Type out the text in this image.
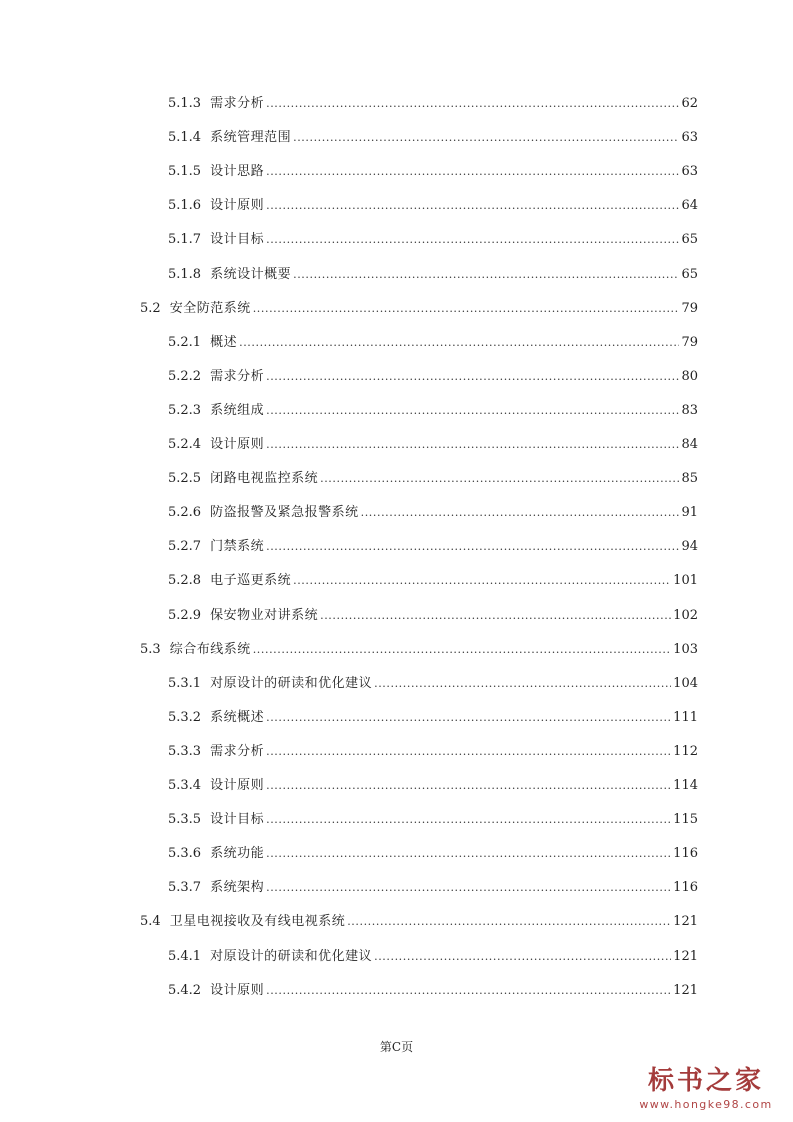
5.1.3 需求分析 .....	62
5.1.4 系统管理范围 .....	63
5.1.5 设计思路 .....	63
5.1.6 设计原则 .....	64
5.1.7 设计目标 .....	65
5.1.8 系统设计概要 .....	65
5.2 安全防范系统 .....	79
5.2.1 概述 .....	79
5.2.2 需求分析 .....	80
5.2.3 系统组成 .....	83
5.2.4 设计原则 .....	84
5.2.5 闭路电视监控系统 .....	85
5.2.6 防盗报警及紧急报警系统 .....	91
5.2.7 门禁系统 .....	94
5.2.8 电子巡更系统 .....	101
5.2.9 保安物业对讲系统 .....	102
5.3 综合布线系统 .....	103
5.3.1 对原设计的研读和优化建议 .....	104
5.3.2 系统概述 .....	111
5.3.3 需求分析 .....	112
5.3.4 设计原则 .....	114
5.3.5 设计目标 .....	115
5.3.6 系统功能 .....	116
5.3.7 系统架构 .....	116
5.4 卫星电视接收及有线电视系统 .....	121
5.4.1 对原设计的研读和优化建议 .....	121
5.4.2 设计原则 .....	121
第C页
标书之家
www.hongke98.com
